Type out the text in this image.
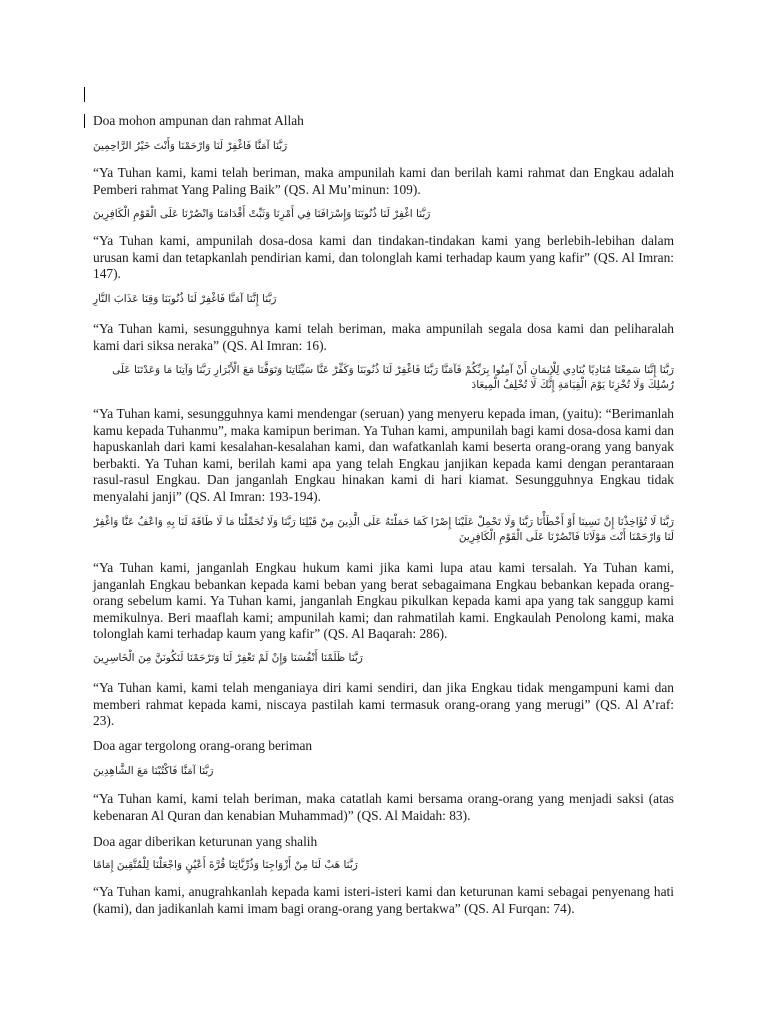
Doa mohon ampunan dan rahmat Allah

رَبَّنَا آمَنَّا فَاغْفِرْ لَنَا وَارْحَمْنَا وَأَنْتَ خَيْرُ الرَّاحِمِينَ

“Ya Tuhan kami, kami telah beriman, maka ampunilah kami dan berilah kami rahmat dan Engkau adalah Pemberi rahmat Yang Paling Baik” (QS. Al Mu’minun: 109).

رَبَّنَا اغْفِرْ لَنَا ذُنُوبَنَا وَإِسْرَافَنَا فِي أَمْرِنَا وَثَبِّتْ أَقْدَامَنَا وَانْصُرْنَا عَلَى الْقَوْمِ الْكَافِرِينَ

“Ya Tuhan kami, ampunilah dosa-dosa kami dan tindakan-tindakan kami yang berlebih-lebihan dalam urusan kami dan tetapkanlah pendirian kami, dan tolonglah kami terhadap kaum yang kafir” (QS. Al Imran: 147).

رَبَّنَا إِنَّنَا آمَنَّا فَاغْفِرْ لَنَا ذُنُوبَنَا وَقِنَا عَذَابَ النَّارِ

“Ya Tuhan kami, sesungguhnya kami telah beriman, maka ampunilah segala dosa kami dan peliharalah kami dari siksa neraka” (QS. Al Imran: 16).

رَبَّنَا إِنَّنَا سَمِعْنَا مُنَادِيًا يُنَادِي لِلْإِيمَانِ أَنْ آمِنُوا بِرَبِّكُمْ فَآمَنَّا رَبَّنَا فَاغْفِرْ لَنَا ذُنُوبَنَا وَكَفِّرْ عَنَّا سَيِّئَاتِنَا وَتَوَفَّنَا مَعَ الْأَبْرَارِ رَبَّنَا وَآتِنَا مَا وَعَدْتَنَا عَلَى رُسُلِكَ وَلَا تُخْزِنَا يَوْمَ الْقِيَامَةِ إِنَّكَ لَا تُخْلِفُ الْمِيعَادَ

“Ya Tuhan kami, sesungguhnya kami mendengar (seruan) yang menyeru kepada iman, (yaitu): “Berimanlah kamu kepada Tuhanmu”, maka kamipun beriman. Ya Tuhan kami, ampunilah bagi kami dosa-dosa kami dan hapuskanlah dari kami kesalahan-kesalahan kami, dan wafatkanlah kami beserta orang-orang yang banyak berbakti. Ya Tuhan kami, berilah kami apa yang telah Engkau janjikan kepada kami dengan perantaraan rasul-rasul Engkau. Dan janganlah Engkau hinakan kami di hari kiamat. Sesungguhnya Engkau tidak menyalahi janji” (QS. Al Imran: 193-194).

رَبَّنَا لَا تُؤَاخِذْنَا إِنْ نَسِينَا أَوْ أَخْطَأْنَا رَبَّنَا وَلَا تَحْمِلْ عَلَيْنَا إِصْرًا كَمَا حَمَلْتَهُ عَلَى الَّذِينَ مِنْ قَبْلِنَا رَبَّنَا وَلَا تُحَمِّلْنَا مَا لَا طَاقَةَ لَنَا بِهِ وَاعْفُ عَنَّا وَاغْفِرْ لَنَا وَارْحَمْنَا أَنْتَ مَوْلَانَا فَانْصُرْنَا عَلَى الْقَوْمِ الْكَافِرِينَ

“Ya Tuhan kami, janganlah Engkau hukum kami jika kami lupa atau kami tersalah. Ya Tuhan kami, janganlah Engkau bebankan kepada kami beban yang berat sebagaimana Engkau bebankan kepada orang-orang sebelum kami. Ya Tuhan kami, janganlah Engkau pikulkan kepada kami apa yang tak sanggup kami memikulnya. Beri maaflah kami; ampunilah kami; dan rahmatilah kami. Engkaulah Penolong kami, maka tolonglah kami terhadap kaum yang kafir” (QS. Al Baqarah: 286).

رَبَّنَا ظَلَمْنَا أَنْفُسَنَا وَإِنْ لَمْ تَغْفِرْ لَنَا وَتَرْحَمْنَا لَنَكُونَنَّ مِنَ الْخَاسِرِينَ

“Ya Tuhan kami, kami telah menganiaya diri kami sendiri, dan jika Engkau tidak mengampuni kami dan memberi rahmat kepada kami, niscaya pastilah kami termasuk orang-orang yang merugi” (QS. Al A’raf: 23).

Doa agar tergolong orang-orang beriman

رَبَّنَا آمَنَّا فَاكْتُبْنَا مَعَ الشَّاهِدِينَ

“Ya Tuhan kami, kami telah beriman, maka catatlah kami bersama orang-orang yang menjadi saksi (atas kebenaran Al Quran dan kenabian Muhammad)” (QS. Al Maidah: 83).

Doa agar diberikan keturunan yang shalih

رَبَّنَا هَبْ لَنَا مِنْ أَزْوَاجِنَا وَذُرِّيَّاتِنَا قُرَّةَ أَعْيُنٍ وَاجْعَلْنَا لِلْمُتَّقِينَ إِمَامًا

“Ya Tuhan kami, anugrahkanlah kepada kami isteri-isteri kami dan keturunan kami sebagai penyenang hati (kami), dan jadikanlah kami imam bagi orang-orang yang bertakwa” (QS. Al Furqan: 74).
